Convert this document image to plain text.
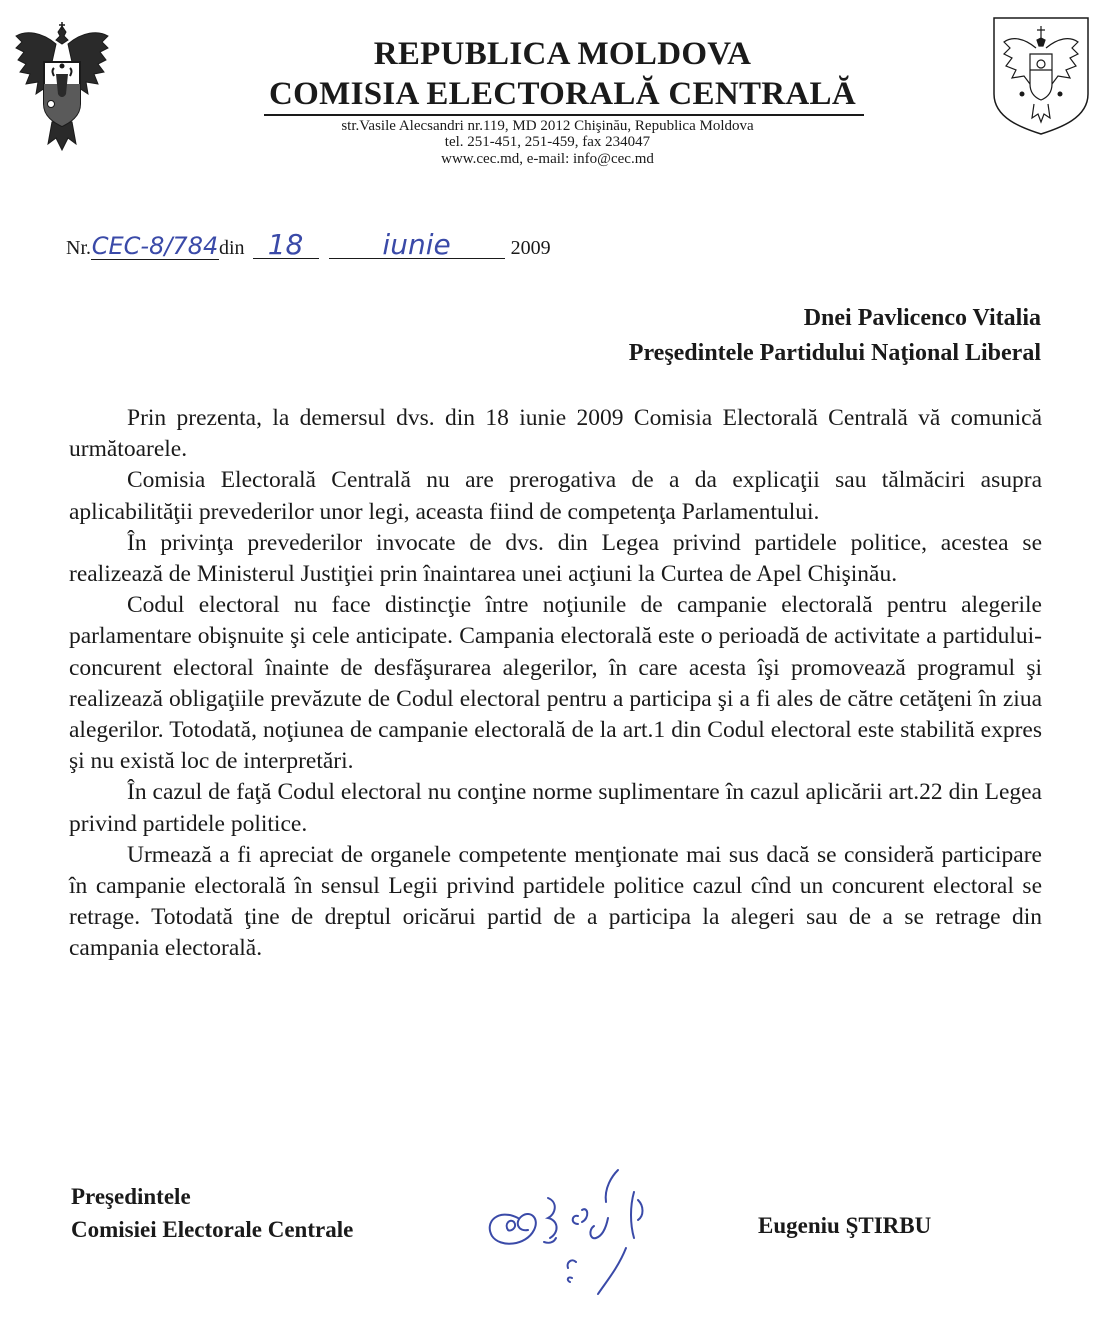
REPUBLICA MOLDOVA
COMISIA ELECTORALĂ CENTRALĂ
str.Vasile Alecsandri nr.119, MD 2012 Chişinău, Republica Moldova
tel. 251-451, 251-459, fax 234047
www.cec.md, e-mail: info@cec.md
Nr.CEC-8/784din 18	iunie	2009
Dnei Pavlicenco Vitalia
Preşedintele Partidului Naţional Liberal

Prin prezenta, la demersul dvs. din 18 iunie 2009 Comisia Electorală Centrală vă comunică următoarele.

Comisia Electorală Centrală nu are prerogativa de a da explicaţii sau tălmăciri asupra aplicabilităţii prevederilor unor legi, aceasta fiind de competenţa Parlamentului.

În privinţa prevederilor invocate de dvs. din Legea privind partidele politice, acestea se realizează de Ministerul Justiţiei prin înaintarea unei acţiuni la Curtea de Apel Chişinău.

Codul electoral nu face distincţie între noţiunile de campanie electorală pentru alegerile parlamentare obişnuite şi cele anticipate. Campania electorală este o perioadă de activitate a partidului-concurent electoral înainte de desfăşurarea alegerilor, în care acesta îşi promovează programul şi realizează obligaţiile prevăzute de Codul electoral pentru a participa şi a fi ales de către cetăţeni în ziua alegerilor. Totodată, noţiunea de campanie electorală de la art.1 din Codul electoral este stabilită expres şi nu există loc de interpretări.

În cazul de faţă Codul electoral nu conţine norme suplimentare în cazul aplicării art.22 din Legea privind partidele politice.

Urmează a fi apreciat de organele competente menţionate mai sus dacă se consideră participare în campanie electorală în sensul Legii privind partidele politice cazul cînd un concurent electoral se retrage. Totodată ţine de dreptul oricărui partid de a participa la alegeri sau de a se retrage din campania electorală.

Preşedintele
Comisiei Electorale Centrale	Eugeniu ŞTIRBU
